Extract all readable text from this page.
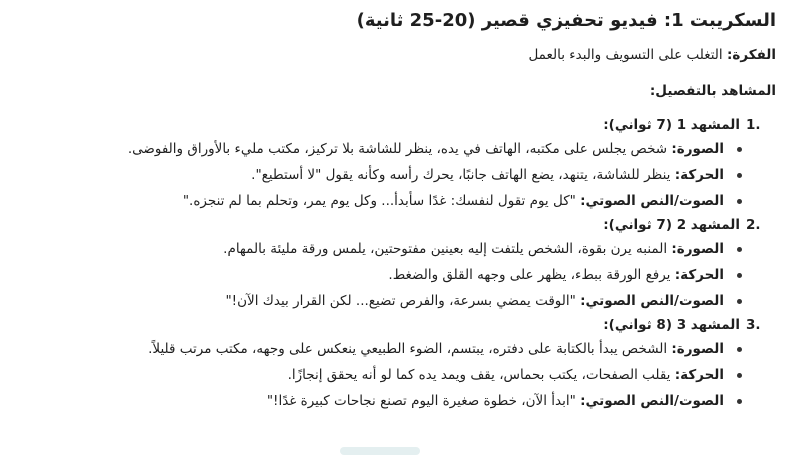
السكريبت 1: فيديو تحفيزي قصير (20-25 ثانية)

الفكرة: التغلب على التسويف والبدء بالعمل

المشاهد بالتفصيل:

1.
المشهد 1 (7 ثواني):
الصورة: شخص يجلس على مكتبه، الهاتف في يده، ينظر للشاشة بلا تركيز، مكتب مليء بالأوراق والفوضى.
الحركة: ينظر للشاشة، يتنهد، يضع الهاتف جانبًا، يحرك رأسه وكأنه يقول "لا أستطيع".
الصوت/النص الصوتي: "كل يوم تقول لنفسك: غدًا سأبدأ... وكل يوم يمر، وتحلم بما لم تنجزه."
2.
المشهد 2 (7 ثواني):
الصورة: المنبه يرن بقوة، الشخص يلتفت إليه بعينين مفتوحتين، يلمس ورقة مليئة بالمهام.
الحركة: يرفع الورقة ببطء، يظهر على وجهه القلق والضغط.
الصوت/النص الصوتي: "الوقت يمضي بسرعة، والفرص تضيع... لكن القرار بيدك الآن!"
3.
المشهد 3 (8 ثواني):
الصورة: الشخص يبدأ بالكتابة على دفتره، يبتسم، الضوء الطبيعي ينعكس على وجهه، مكتب مرتب قليلاً.
الحركة: يقلب الصفحات، يكتب بحماس، يقف ويمد يده كما لو أنه يحقق إنجازًا.
الصوت/النص الصوتي: "ابدأ الآن، خطوة صغيرة اليوم تصنع نجاحات كبيرة غدًا!"
